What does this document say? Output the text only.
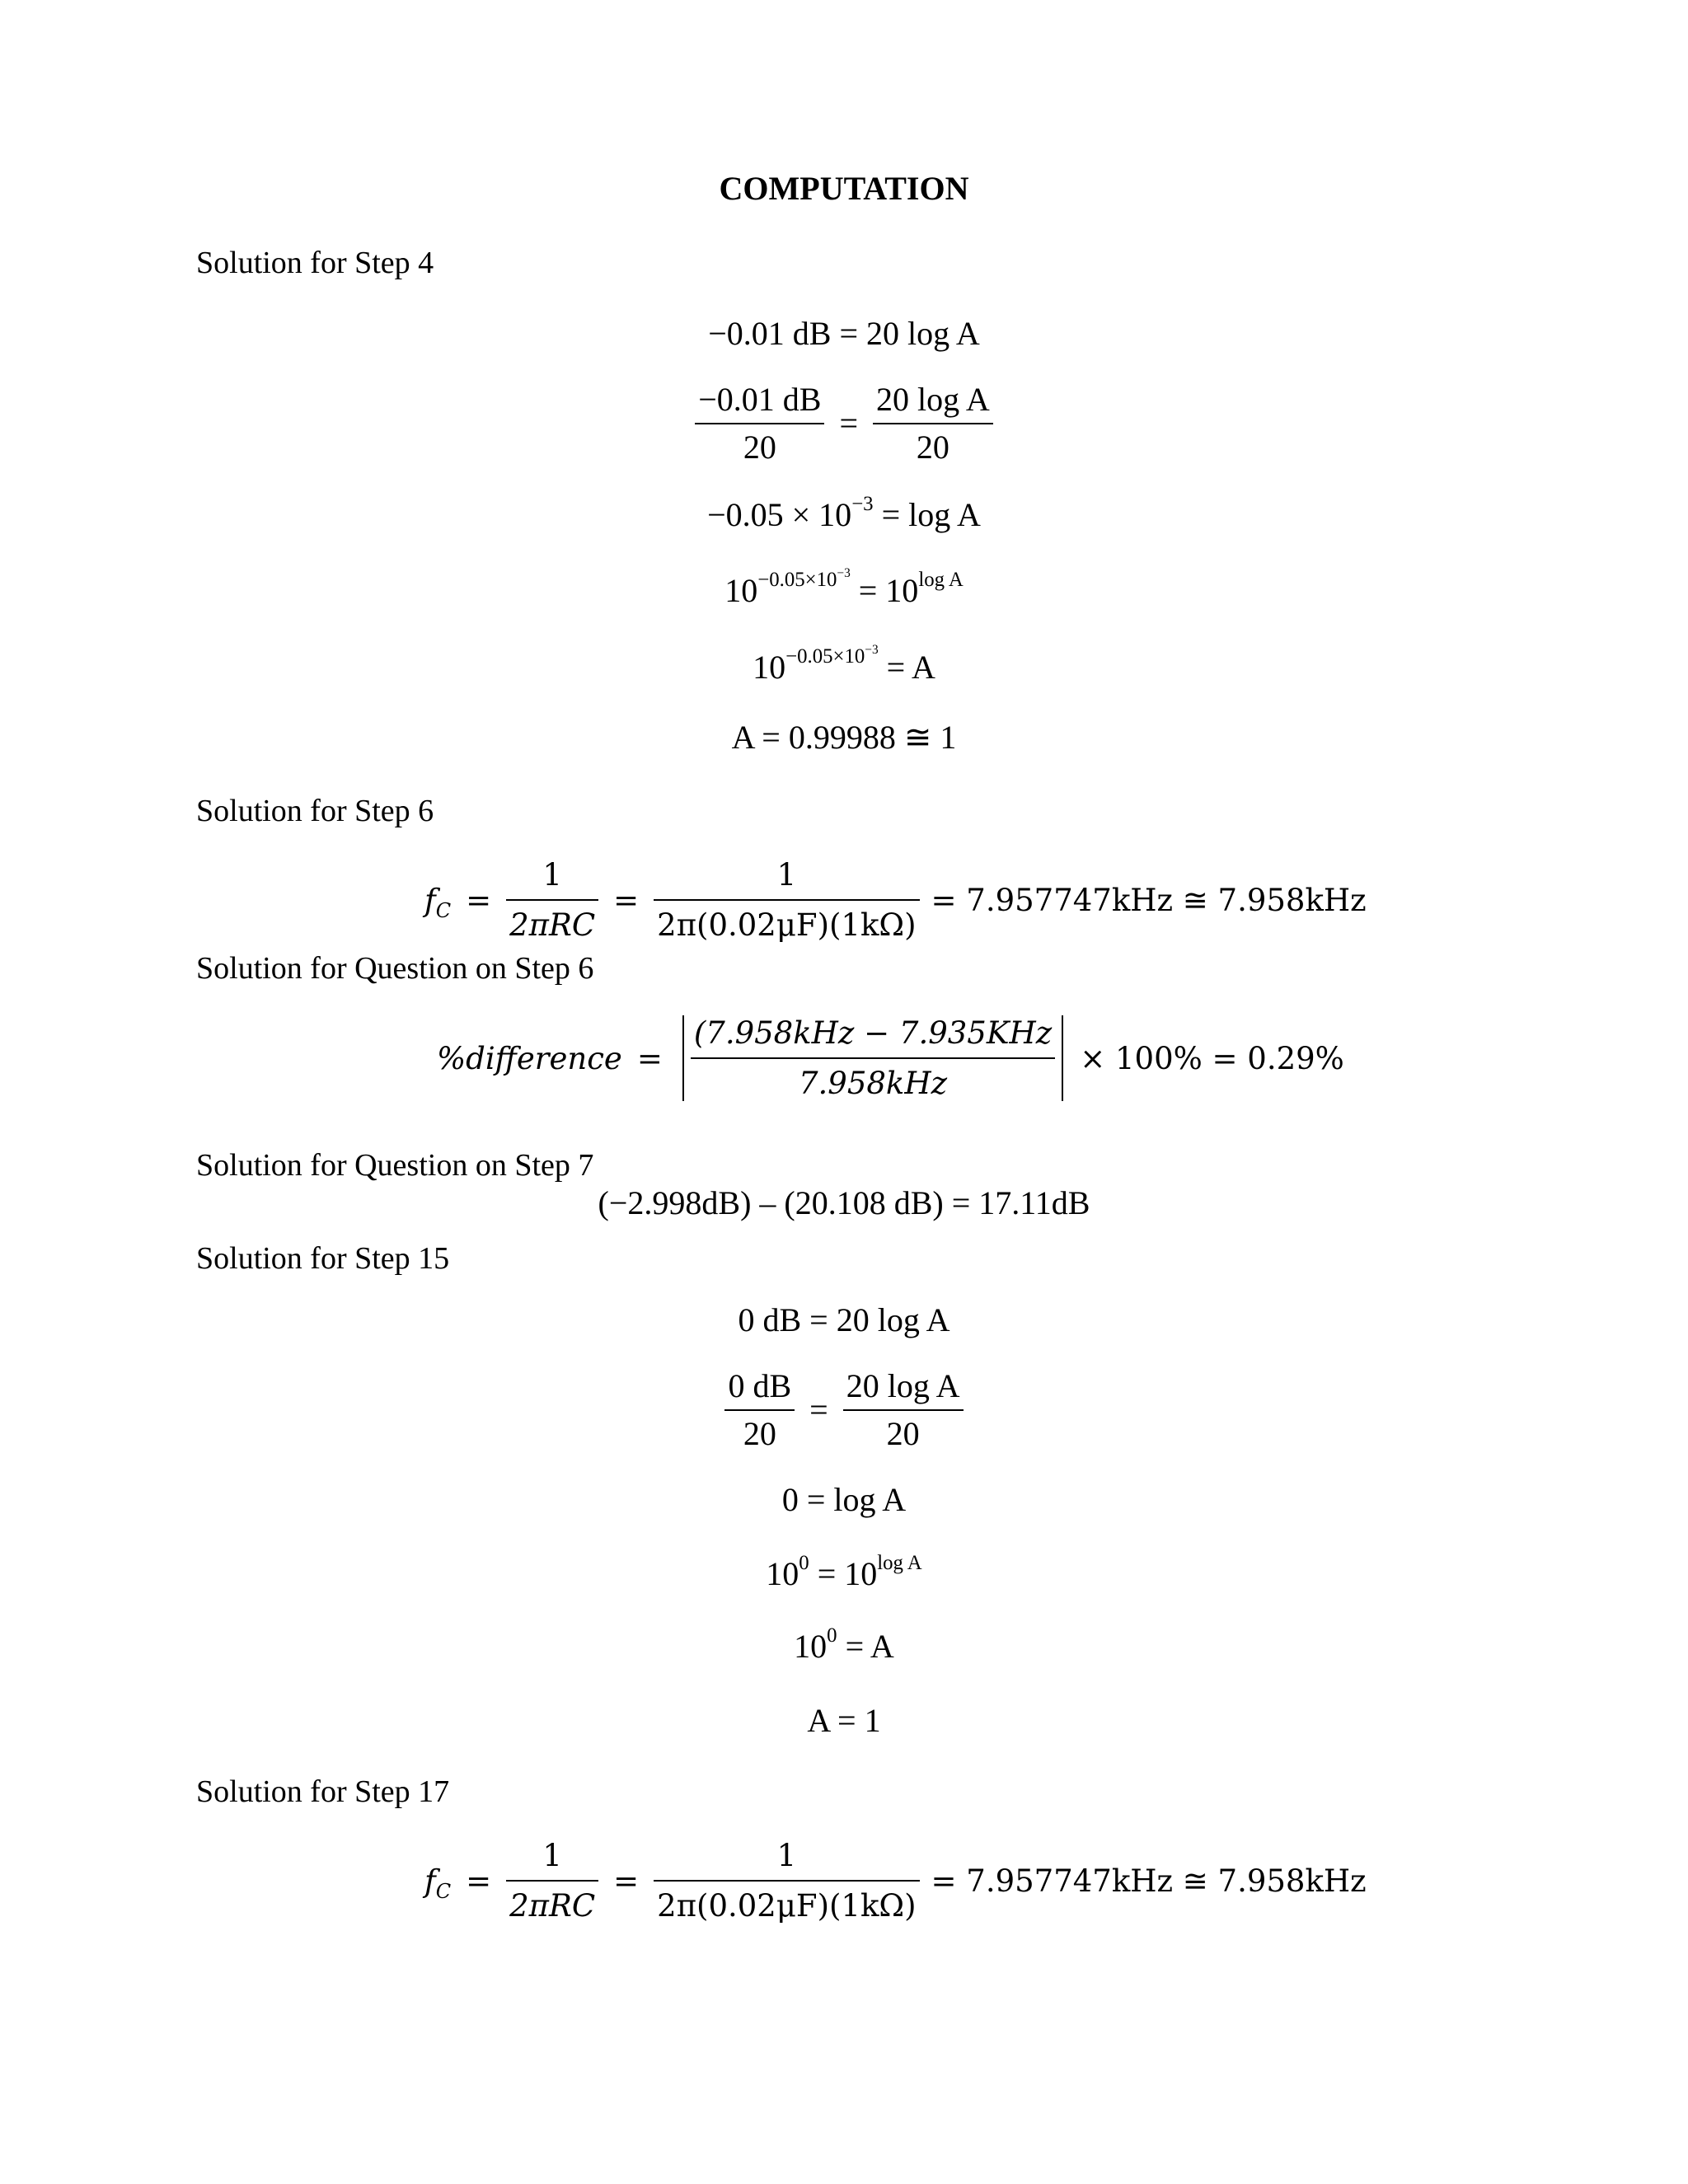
COMPUTATION
Solution for Step 4
−0.01 dB = 20 log A
$\frac{-0.01 dB}{20} = \frac{\text{20 log A}}{20}$
$-0.05 \times 10^{-3} = \log A$
$10^{-0.05\times 10^{-3}} = 10^{log A}$
$10^{-0.05\times 10^{-3}} = A$
A = 0.99988 ≅ 1
Solution for Step 6
$f_C = \frac{1}{\text{2πRC}} = \frac{1}{2\pi(0.02\mu F)(1k\Omega)} = 7.957747kHz$ ≅ 7.958kHz
Solution for Question on Step 6
%difference = $\frac{\text{(7.958kHz − 7.935KHz}}{\text{7.958kHz}} \times 100\% = 0.29\%$
Solution for Question on Step 7
(−2.998dB) – (20.108 dB) = 17.11dB
Solution for Step 15
0 dB = 20 log A
$\frac{0 dB}{20} = \frac{\text{20 log A}}{20}$
0 = log A
$10^0 = 10^{log A}$
$10^0 = A$
A = 1
Solution for Step 17
$f_C = \frac{1}{\text{2πRC}} = \frac{1}{2\pi(0.02\mu F)(1k\Omega)} = 7.957747kHz$ ≅ 7.958kHz
